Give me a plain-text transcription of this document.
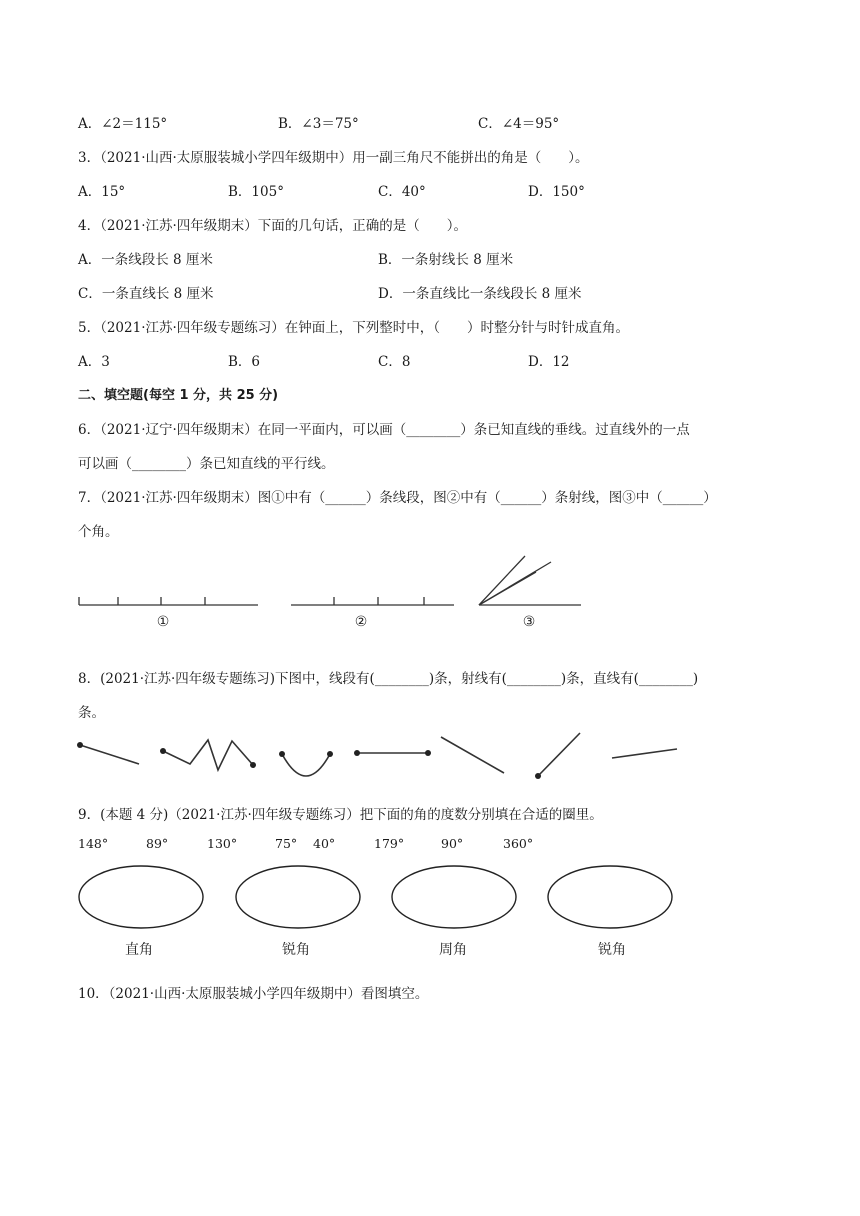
A．∠2＝115°	B．∠3＝75°	C．∠4＝95°
3．（2021·山西·太原服装城小学四年级期中）用一副三角尺不能拼出的角是（　　）。
A．15°	B．105°	C．40°	D．150°
4．（2021·江苏·四年级期末）下面的几句话，正确的是（　　）。
A．一条线段长 8 厘米	B．一条射线长 8 厘米
C．一条直线长 8 厘米	D．一条直线比一条线段长 8 厘米
5．（2021·江苏·四年级专题练习）在钟面上，下列整时中，（　　）时整分针与时针成直角。
A．3	B．6	C．8	D．12
二、填空题(每空 1 分，共 25 分)
6．（2021·辽宁·四年级期末）在同一平面内，可以画（________）条已知直线的垂线。过直线外的一点
可以画（________）条已知直线的平行线。
7．（2021·江苏·四年级期末）图①中有（______）条线段，图②中有（______）条射线，图③中（______）
个角。
①	②	③
8．(2021·江苏·四年级专题练习)下图中，线段有(________)条，射线有(________)条，直线有(________)
条。
9．(本题 4 分)（2021·江苏·四年级专题练习）把下面的角的度数分别填在合适的圈里。
148°	89°	130°	75° 40°	179°	90°	360°
直角	锐角	周角	锐角
10．（2021·山西·太原服装城小学四年级期中）看图填空。
